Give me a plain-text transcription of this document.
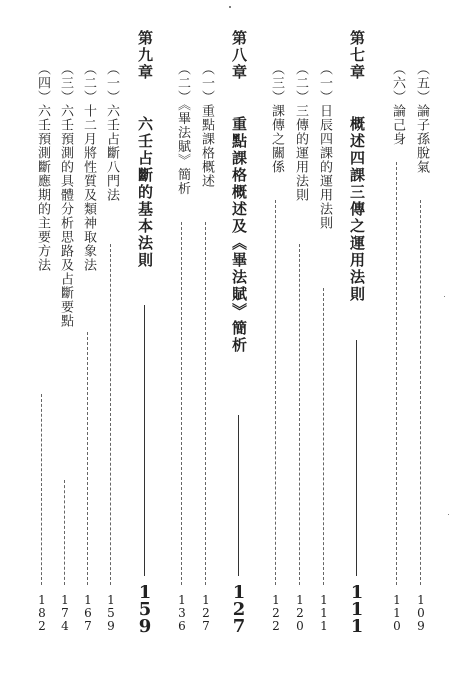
（五）論子孫脫氣
1
0
9
（六）論己身
1
1
0
第七章
概述四課三傳之運用法則
1
1
1
（一）日辰四課的運用法則
1
1
1
（二）三傳的運用法則
1
2
0
（三）課傳之關係
1
2
2
第八章
重點課格概述及《畢法賦》簡析
1
2
7
（一）重點課格概述
1
2
7
（二）《畢法賦》簡析
1
3
6
第九章
六壬占斷的基本法則
1
5
9
（一）六壬占斷八門法
1
5
9
（二）十二月將性質及類神取象法
1
6
7
（三）六壬預測的具體分析思路及占斷要點
1
7
4
（四）六壬預測斷應期的主要方法
1
8
2
